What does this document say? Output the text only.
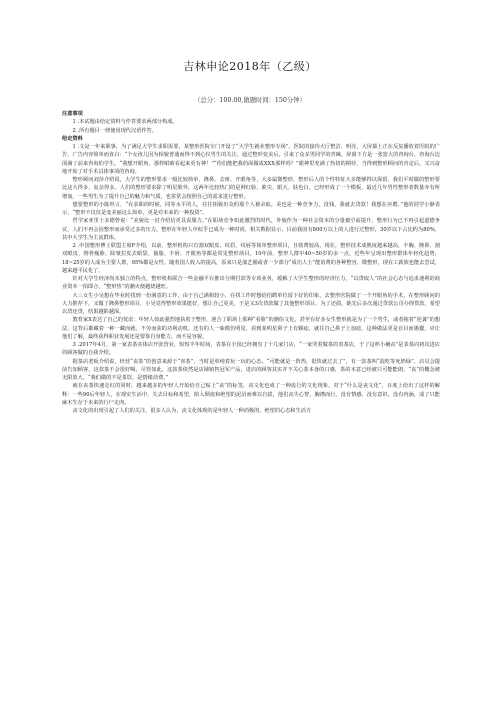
吉林申论2018年（乙级）
（总分：100.00,做题时间：150分钟）

注意事项

1 .本试题由给定资料与作答要求两部分构成。

2 .所有题目一律使用现代汉语作答。

给定资料

1 .文是一年来职事，为了满足大学生求职需要，某整形医院专门开设了“大学生就业整形专场”。医院的接待大厅整洁、明亮，大屏幕上正在反复播放着医院的广告，广告内容简单而直白：“个女孩儿因为相貌普通而得不到心仪男生的关注，通过整形变美后，引来了众多男同学的青睐。屏幕下方是一张宽大的咨询台，咨询台边围满了前来咨询的学生。“我想开眼角，那样眼睛看起来更有神！”“你们能把我的面做成XXX那样吗？”眼神里充满了热切的期待，当得到整形顾问的肯定后，又兴奋地开始了对手术具体事项的咨询。

整形顾问刘莎介绍说，大学生的整形要求一般比较简单，隆鼻、去斑、开眼角等，大多属微整形，整形后人的个性特征大多能够得以保留，我们平时做的整形要比这大得多，复杂得多，人们的整形要求除了明星脸外，这两年比较热门的是网红脸，脸尖、眼大、肤色白，已经形成了一个模板，最近几年男性整形者数量亦有所增加，一些男生为了提升自己的魅力和气质，也常常会按照自己的需求进行整形。

想要整形的小陈坦言，“在求职的时候，同等水平的人，往往相貌出众的那个人被录取。美也是一种竞争力，没钱，我就去贷款！我想在应聘。”他的同学小静表示，“整形不仅仅是变美丽这么简单，更是对未来的一种投资”。

哲学家亚里士多德曾说：“美貌比一封介绍信更具说服力。”在职场竞争如此激烈的时代，外貌作为一种社会资本的分量被空前提升。整形行为已不再引起道德争议，人们不再会因整形而承受过多的压力。整形在年轻人中似乎已成为一种时尚，相关数据显示，目前我国有800万以上的人进行过整形，30岁以下占比约为80%，其中大学生为主流群体。

2 .中国整形博士联盟主席F介绍，以前，整形机构只有割双眼皮、纹眉、纹唇等简单整形项目，且收费较高，现在，整形技术成熟度越来越高，丰胸、隆鼻、割双眼皮、削骨瘦脸、除皱拉皮去眼袋、抽脂、丰唇、开眼角等都是常见整形项目。10年前，整形人群中40~50岁的多一点，近些年呈现出整形群体年轻化趋势，18~25岁的人成为主要人群，95%都是女性。随着国人收入的提高，原来只是演艺圈或者一少部分“成功人士”能消费的各种整容，微整形，现在工薪族也能去尝试，越来越平民化了。

针对大学生经济尚未独立的特点，整形机构联合一些金融平台推出分期付款等专项业务，缓解了大学生整形的经济压力，“以贷取人”的社会心态与追求速利的商业资本一拍即合，“整形热”的潮火便越烧越旺。

大三女生小吴想在毕业时找到一份满意的工作，由于自己满相较小，在找工作时想给招聘单位留下好的印象，去整形医院做了一个开眼角的手术，在整形顾问的大力推荐下，又做了隆鼻整形项目，小吴觉得整形效果挺好，想让自己更美，于是又3次贷款做了其他整形项目，为了还债，她先后多次通过贷款公司办理贷款，希望以贷还贷，结果越陷越深。

教育家X表达了自己的忧虑：年轻人如此强烈地执着于整形，迎合了职场上那种“看脸”的潮俗文化，甚至有好多女生整形就是为了一个男生，或者拖着“逆袭”的想法，这背后都藏着一种一藏而就、不劳而获的功利动机。还有的人一味模仿明星，看到某明星鼻子上有颗痣，就往自己鼻子上加痣，这种做法更是盲目而愚蠢，应让他们了解，最终获得职业发展还是要靠自身能力，而不是容貌。

3 .2017年4月，第一家表茶实体店开张营业，短短半年时间，表茶在全国已经拥有了十几家门店，“一家哭着做茶的表茶店，于了这杯小确丧”是表茶向初次进店的顾客做的自我介绍。

据茶店老板介绍说，经营“丧茶”的创意来源于“喜茶”，当时是单纯着玩一玩的心态，“可能就是一阵热，很快就过去了”，有一款茶叫“混吃等死奶绿”，店员会提前告知顾客，这款茶不会很好喝，尽管如此，这款茶依然是店铺销售冠军产品，进店的顾客其实并不关心茶本身的口感，茶的本意已经被只可能能朗，“丧”的概念被无限放大，“我们做的不是茶饮，是情绪消费。”

就在丧茶快速走红的同时，越来越多的年轻人开始给自己贴上“丧”的标签，丧文化也成了一种流行的文化现象，对于“什么是丧文化”，百度上给出了这样的解释：一些90后年轻人，在现实生活中，失去目标和希望，陷入颓废和绝望的泥沼而难以自拔，他们丧失心智，胸襟而行，没有情感、没有意识、没有内涵，成了只能麻木生存于未来的行尸走肉。

丧文化的出现引起了人们的关注，很多人认为，丧文化体现的是年轻人一种消极的、绝望的心态和生活方
